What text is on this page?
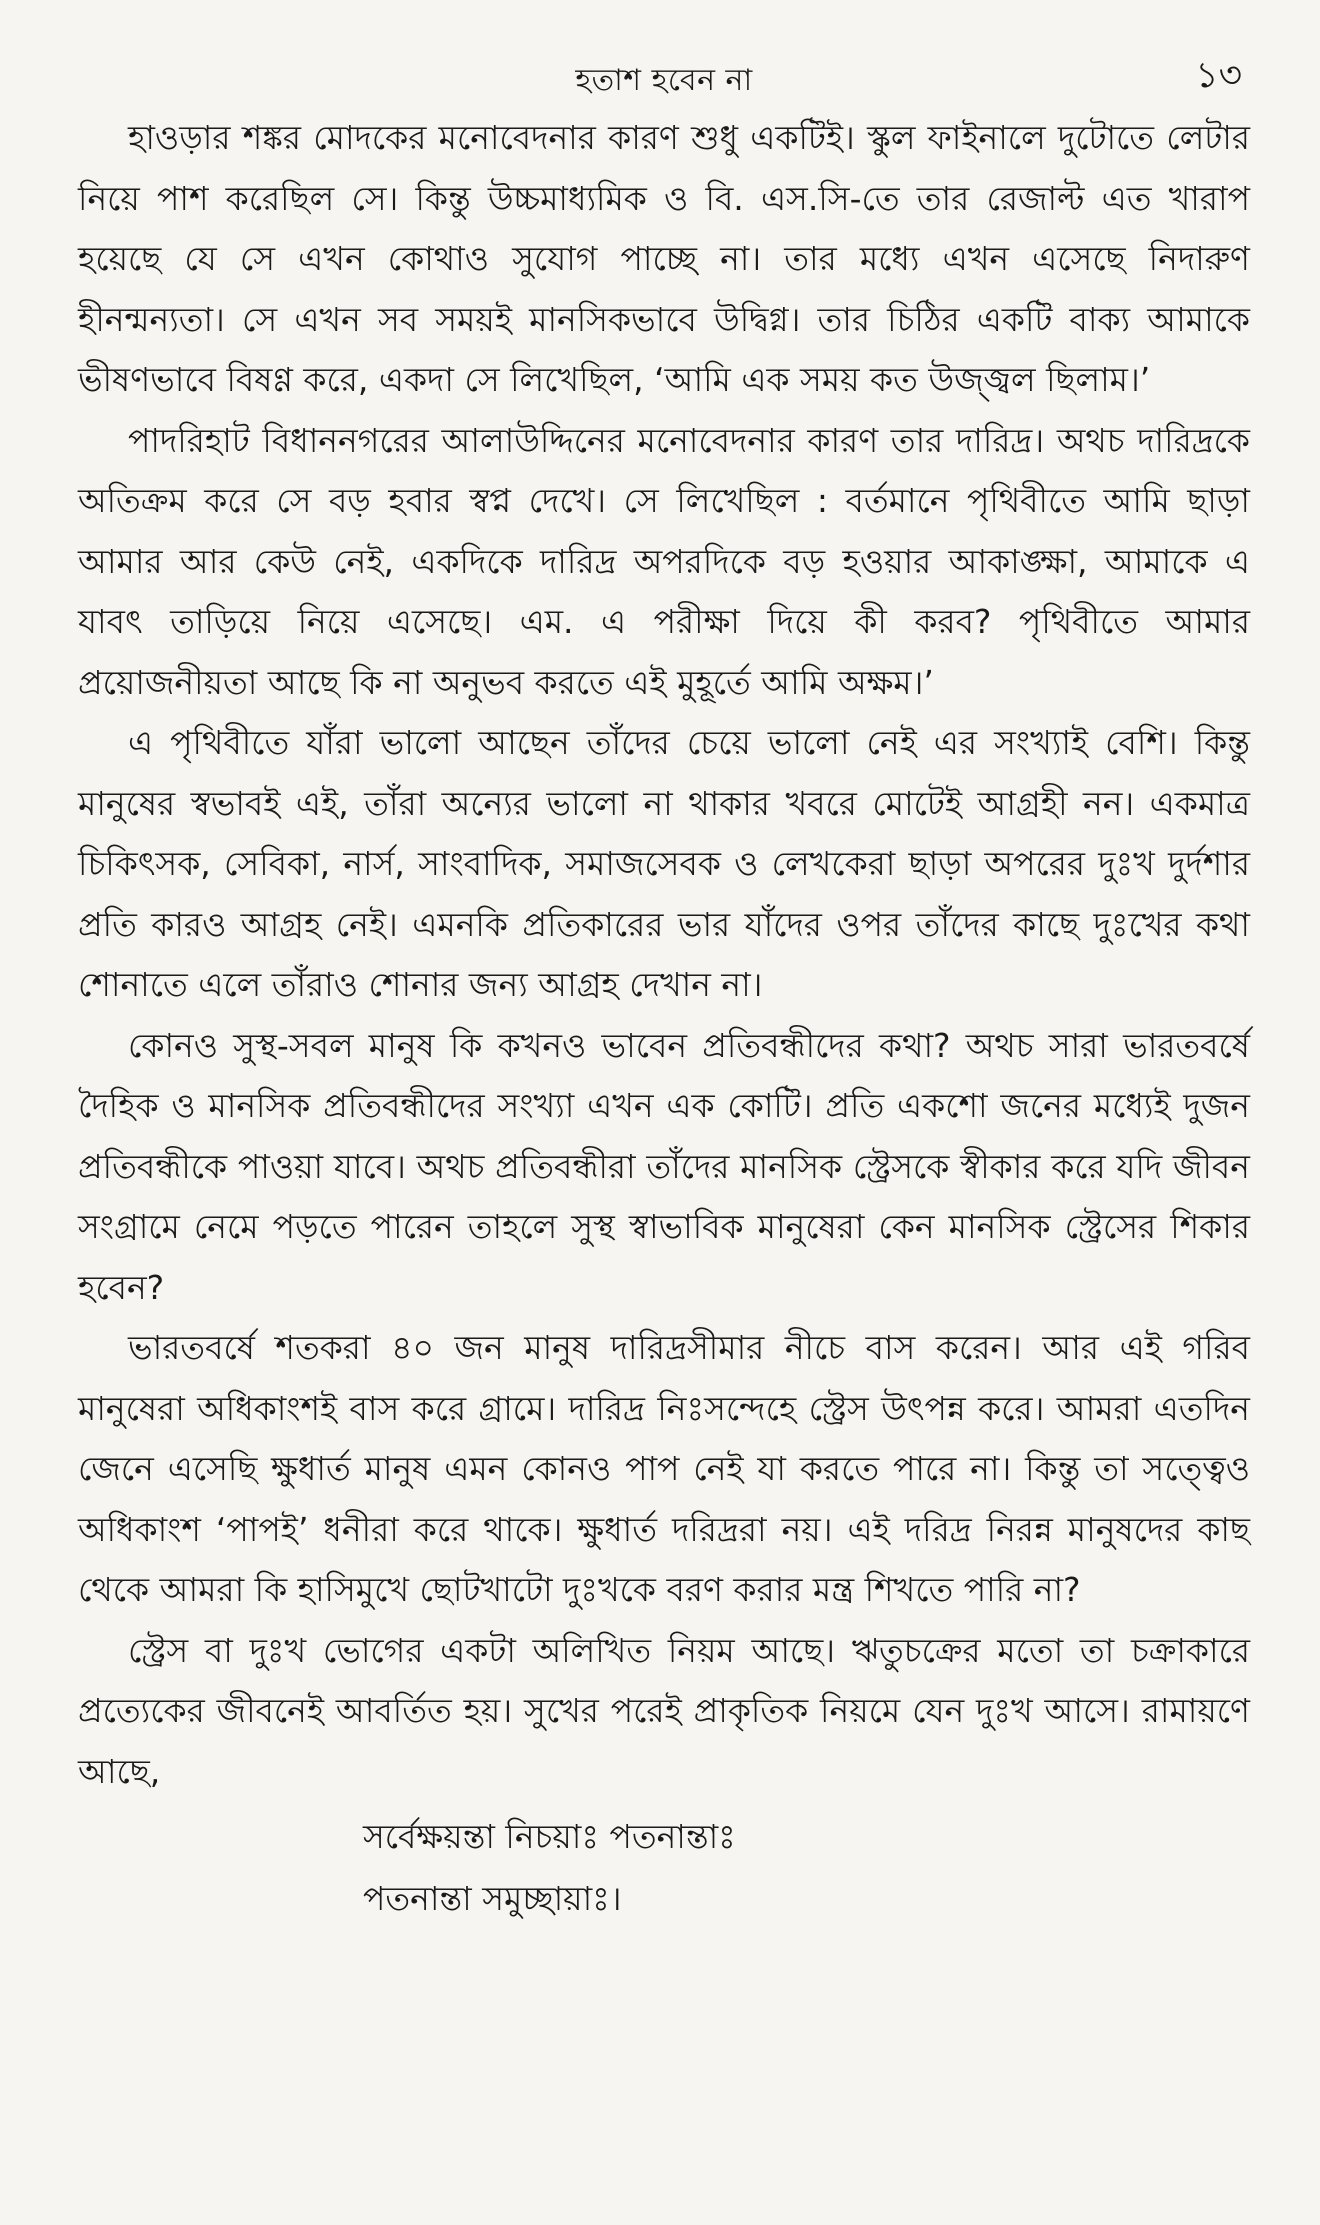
হতাশ হবেন না	১৩

হাওড়ার শঙ্কর মোদকের মনোবেদনার কারণ শুধু একটিই। স্কুল ফাইনালে দুটোতে লেটার নিয়ে পাশ করেছিল সে। কিন্তু উচ্চমাধ্যমিক ও বি. এস.সি-তে তার রেজাল্ট এত খারাপ হয়েছে যে সে এখন কোথাও সুযোগ পাচ্ছে না। তার মধ্যে এখন এসেছে নিদারুণ হীনন্মন্যতা। সে এখন সব সময়ই মানসিকভাবে উদ্বিগ্ন। তার চিঠির একটি বাক্য আমাকে ভীষণভাবে বিষণ্ণ করে, একদা সে লিখেছিল, ‘আমি এক সময় কত উজ্জ্বল ছিলাম।’

পাদরিহাট বিধাননগরের আলাউদ্দিনের মনোবেদনার কারণ তার দারিদ্র। অথচ দারিদ্রকে অতিক্রম করে সে বড় হবার স্বপ্ন দেখে। সে লিখেছিল : বর্তমানে পৃথিবীতে আমি ছাড়া আমার আর কেউ নেই, একদিকে দারিদ্র অপরদিকে বড় হওয়ার আকাঙ্ক্ষা, আমাকে এ যাবৎ তাড়িয়ে নিয়ে এসেছে। এম. এ পরীক্ষা দিয়ে কী করব? পৃথিবীতে আমার প্রয়োজনীয়তা আছে কি না অনুভব করতে এই মুহূর্তে আমি অক্ষম।’

এ পৃথিবীতে যাঁরা ভালো আছেন তাঁদের চেয়ে ভালো নেই এর সংখ্যাই বেশি। কিন্তু মানুষের স্বভাবই এই, তাঁরা অন্যের ভালো না থাকার খবরে মোটেই আগ্রহী নন। একমাত্র চিকিৎসক, সেবিকা, নার্স, সাংবাদিক, সমাজসেবক ও লেখকেরা ছাড়া অপরের দুঃখ দুর্দশার প্রতি কারও আগ্রহ নেই। এমনকি প্রতিকারের ভার যাঁদের ওপর তাঁদের কাছে দুঃখের কথা শোনাতে এলে তাঁরাও শোনার জন্য আগ্রহ দেখান না।

কোনও সুস্থ-সবল মানুষ কি কখনও ভাবেন প্রতিবন্ধীদের কথা? অথচ সারা ভারতবর্ষে দৈহিক ও মানসিক প্রতিবন্ধীদের সংখ্যা এখন এক কোটি। প্রতি একশো জনের মধ্যেই দুজন প্রতিবন্ধীকে পাওয়া যাবে। অথচ প্রতিবন্ধীরা তাঁদের মানসিক স্ট্রেসকে স্বীকার করে যদি জীবন সংগ্রামে নেমে পড়তে পারেন তাহলে সুস্থ স্বাভাবিক মানুষেরা কেন মানসিক স্ট্রেসের শিকার হবেন?

ভারতবর্ষে শতকরা ৪০ জন মানুষ দারিদ্রসীমার নীচে বাস করেন। আর এই গরিব মানুষেরা অধিকাংশই বাস করে গ্রামে। দারিদ্র নিঃসন্দেহে স্ট্রেস উৎপন্ন করে। আমরা এতদিন জেনে এসেছি ক্ষুধার্ত মানুষ এমন কোনও পাপ নেই যা করতে পারে না। কিন্তু তা সত্ত্বেও অধিকাংশ ‘পাপই’ ধনীরা করে থাকে। ক্ষুধার্ত দরিদ্ররা নয়। এই দরিদ্র নিরন্ন মানুষদের কাছ থেকে আমরা কি হাসিমুখে ছোটখাটো দুঃখকে বরণ করার মন্ত্র শিখতে পারি না?

স্ট্রেস বা দুঃখ ভোগের একটা অলিখিত নিয়ম আছে। ঋতুচক্রের মতো তা চক্রাকারে প্রত্যেকের জীবনেই আবর্তিত হয়। সুখের পরেই প্রাকৃতিক নিয়মে যেন দুঃখ আসে। রামায়ণে আছে,

সর্বেক্ষয়ন্তা নিচয়াঃ পতনান্তাঃ
পতনান্তা সমুচ্ছায়াঃ।
